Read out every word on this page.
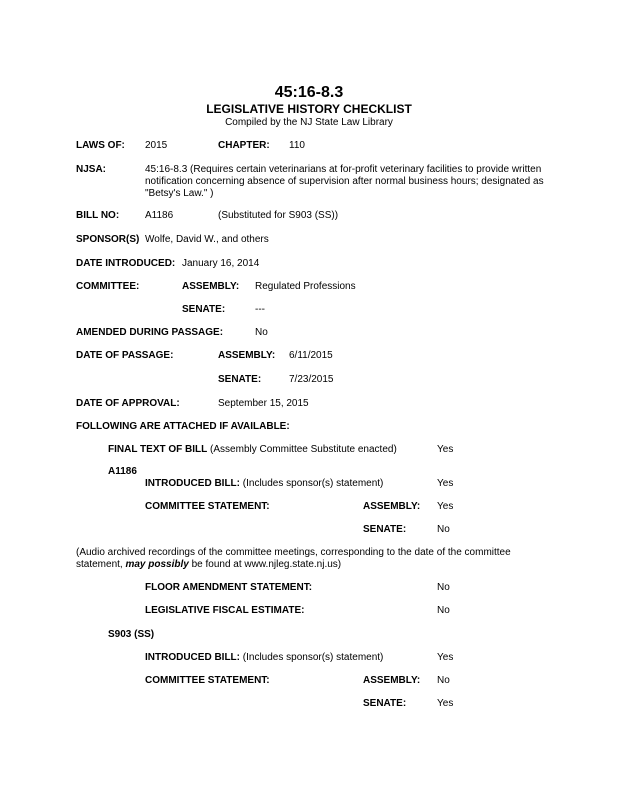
45:16-8.3
LEGISLATIVE HISTORY CHECKLIST
Compiled by the NJ State Law Library
LAWS OF: 2015	CHAPTER: 110
NJSA:	45:16-8.3 (Requires certain veterinarians at for-profit veterinary facilities to provide written
notification concerning absence of supervision after normal business hours; designated as
"Betsy's Law." )
BILL NO:	A1186	(Substituted for S903 (SS))
SPONSOR(S) Wolfe, David W., and others
DATE INTRODUCED: January 16, 2014
COMMITTEE:	ASSEMBLY: Regulated Professions
SENATE:	---
AMENDED DURING PASSAGE:	No
DATE OF PASSAGE:	ASSEMBLY: 6/11/2015
SENATE:	7/23/2015
DATE OF APPROVAL:	September 15, 2015
FOLLOWING ARE ATTACHED IF AVAILABLE:
FINAL TEXT OF BILL (Assembly Committee Substitute enacted)	Yes
A1186
INTRODUCED BILL: (Includes sponsor(s) statement)	Yes
COMMITTEE STATEMENT:	ASSEMBLY: Yes
SENATE:	No
(Audio archived recordings of the committee meetings, corresponding to the date of the committee
statement, may possibly be found at www.njleg.state.nj.us)
FLOOR AMENDMENT STATEMENT:	No
LEGISLATIVE FISCAL ESTIMATE:	No
S903 (SS)
INTRODUCED BILL: (Includes sponsor(s) statement)	Yes
COMMITTEE STATEMENT:	ASSEMBLY: No
SENATE:	Yes
